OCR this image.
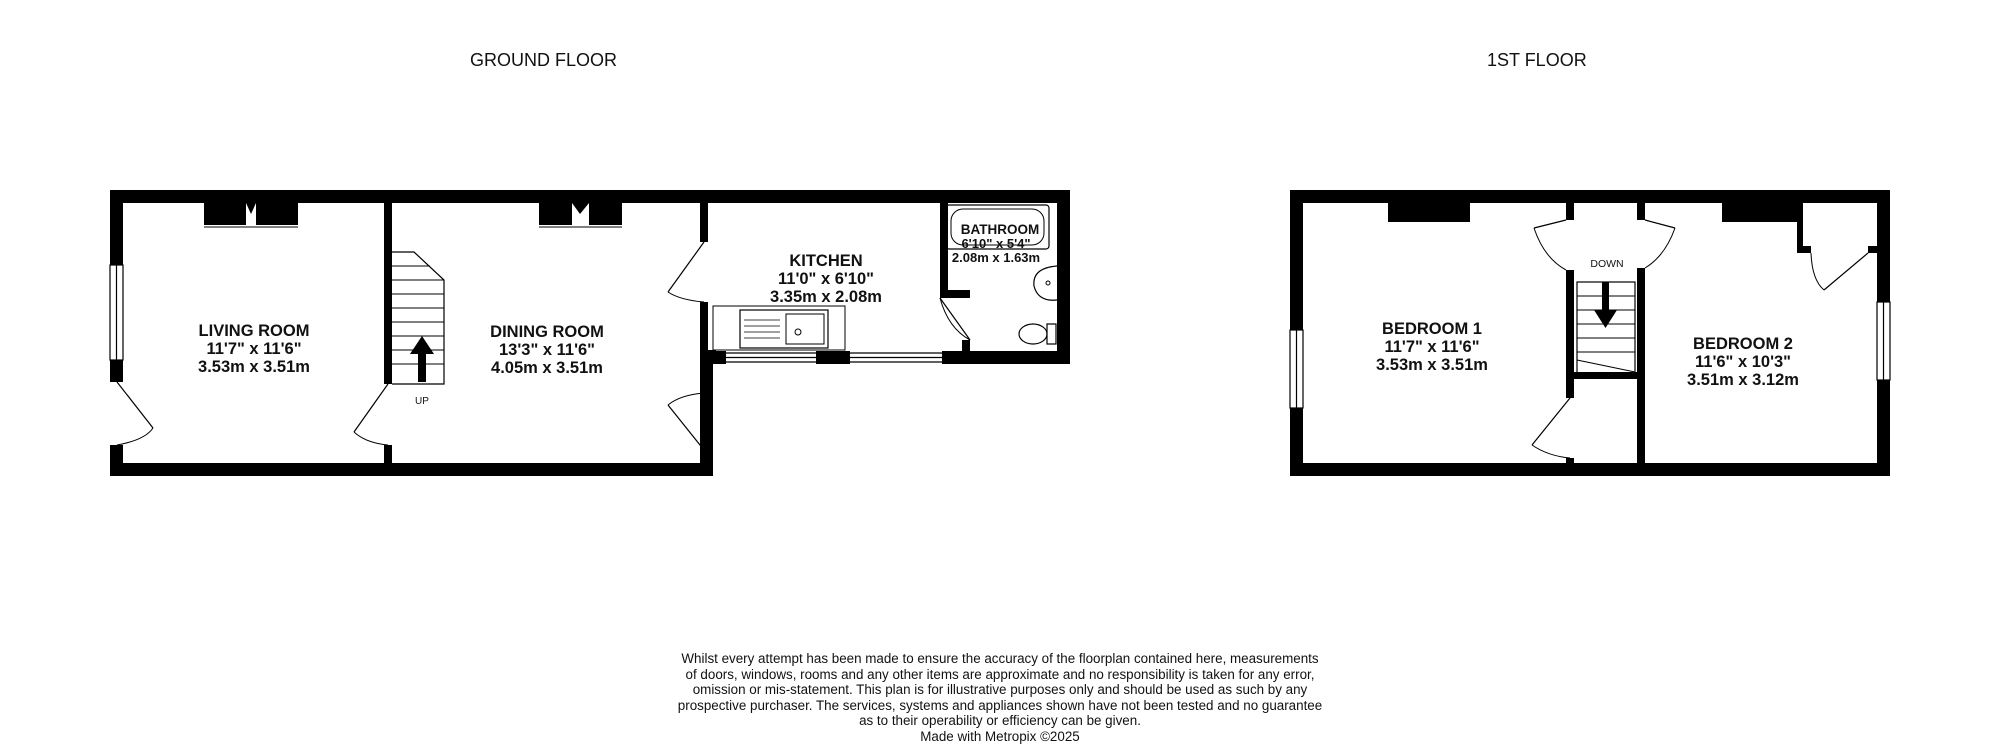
GROUND FLOOR	1ST FLOOR
LIVING ROOM
11'7" x 11'6"
3.53m x 3.51m
DINING ROOM
13'3" x 11'6"
4.05m x 3.51m
KITCHEN
11'0" x 6'10"
3.35m x 2.08m
BATHROOM
6'10" x 5'4"
2.08m x 1.63m
UP
BEDROOM 1
11'7" x 11'6"
3.53m x 3.51m
BEDROOM 2
11'6" x 10'3"
3.51m x 3.12m
DOWN

Whilst every attempt has been made to ensure the accuracy of the floorplan contained here, measurements

of doors, windows, rooms and any other items are approximate and no responsibility is taken for any error,

omission or mis-statement. This plan is for illustrative purposes only and should be used as such by any

prospective purchaser. The services, systems and appliances shown have not been tested and no guarantee

as to their operability or efficiency can be given.

Made with Metropix ©2025
